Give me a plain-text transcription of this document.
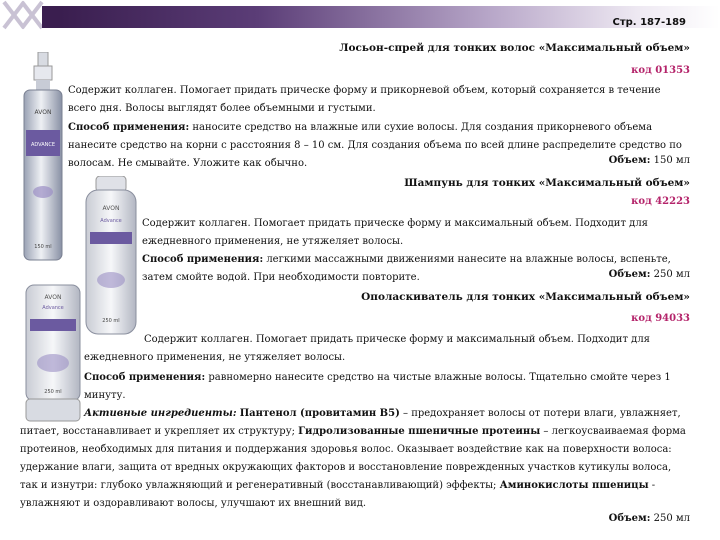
Стр. 187-189
AVON
ADVANCE
150 ml
AVON
Advance
250 ml
AVON
Advance
250 ml

Лосьон-спрей для тонких волос «Максимальный объем»

код 01353

Содержит коллаген. Помогает придать прическе форму и прикорневой объем, который сохраняется в течение всего дня. Волосы выглядят более объемными и густыми.

Способ применения: наносите средство на влажные или сухие волосы. Для создания прикорневого объема нанесите средство на корни с расстояния 8 – 10 см. Для создания объема по всей длине распределите средство по волосам. Не смывайте. Уложите как обычно.	Объем: 150 мл

Шампунь для тонких «Максимальный объем»

код 42223

Содержит коллаген. Помогает придать прическе форму и максимальный объем. Подходит для ежедневного применения, не утяжеляет волосы.

Способ применения: легкими массажными движениями нанесите на влажные волосы, вспеньте, затем смойте водой. При необходимости повторите.	Объем: 250 мл

Ополаскиватель для тонких «Максимальный объем»

код 94033

Содержит коллаген. Помогает придать прическе форму и максимальный объем. Подходит для ежедневного применения, не утяжеляет волосы.

Способ применения: равномерно нанесите средство на чистые влажные волосы. Тщательно смойте через 1 минуту.

Активные ингредиенты: Пантенол (провитамин B5) – предохраняет волосы от потери влаги, увлажняет, питает, восстанавливает и укрепляет их структуру; Гидролизованные пшеничные протеины – легкоусваиваемая форма протеинов, необходимых для питания и поддержания здоровья волос. Оказывает воздействие как на поверхности волоса: удержание влаги, защита от вредных окружающих факторов и восстановление поврежденных участков кутикулы волоса, так и изнутри: глубоко увлажняющий и регенеративный (восстанавливающий) эффекты; Аминокислоты пшеницы - увлажняют и оздоравливают волосы, улучшают их внешний вид.

Объем: 250 мл
